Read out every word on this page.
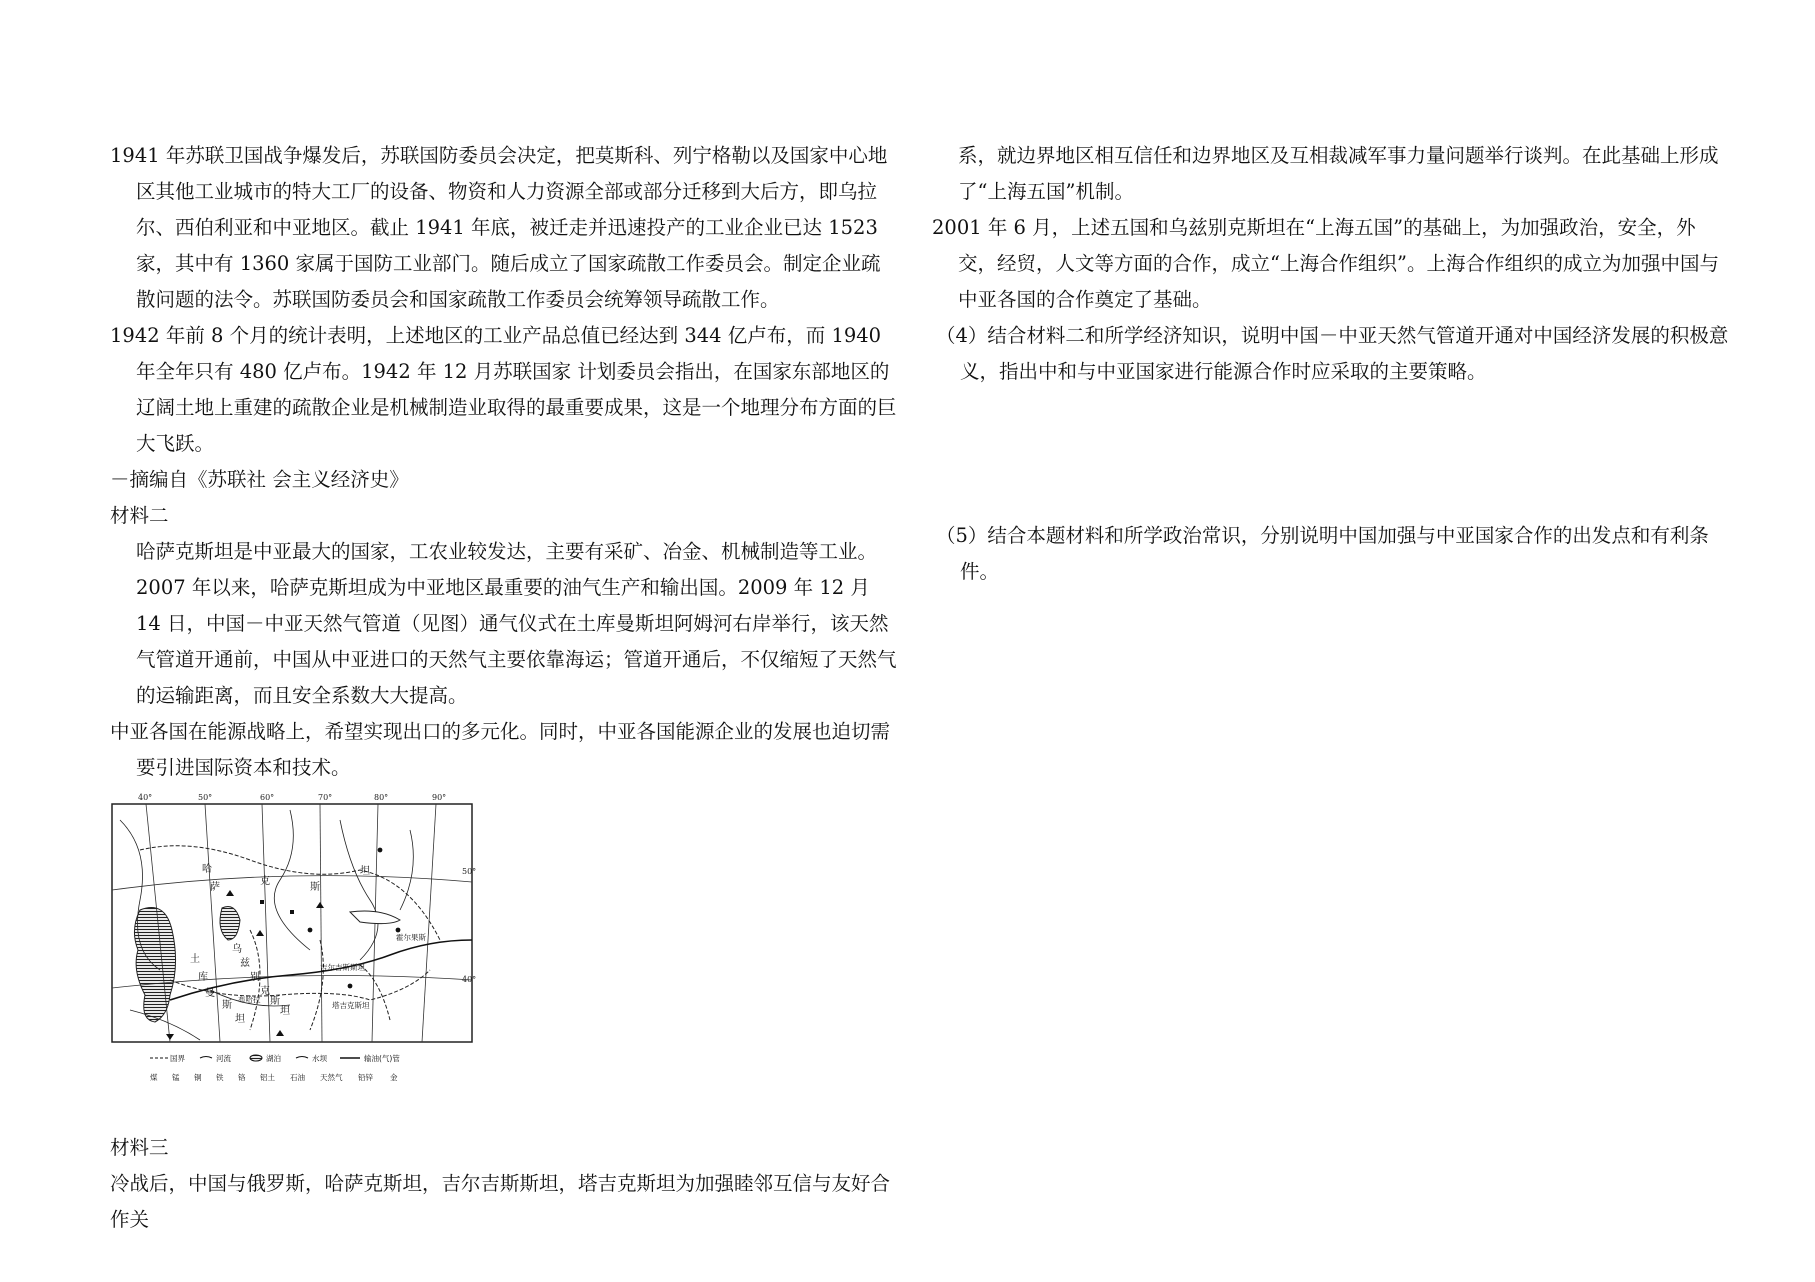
1941 年苏联卫国战争爆发后，苏联国防委员会决定，把莫斯科、列宁格勒以及国家中心地区其他工业城市的特大工厂的设备、物资和人力资源全部或部分迁移到大后方，即乌拉尔、西伯利亚和中亚地区。截止 1941 年底，被迁走并迅速投产的工业企业已达 1523 家，其中有 1360 家属于国防工业部门。随后成立了国家疏散工作委员会。制定企业疏散问题的法令。苏联国防委员会和国家疏散工作委员会统筹领导疏散工作。

1942 年前 8 个月的统计表明，上述地区的工业产品总值已经达到 344 亿卢布，而 1940 年全年只有 480 亿卢布。1942 年 12 月苏联国家 计划委员会指出，在国家东部地区的辽阔土地上重建的疏散企业是机械制造业取得的最重要成果，这是一个地理分布方面的巨大飞跃。

－摘编自《苏联社 会主义经济史》

材料二

哈萨克斯坦是中亚最大的国家，工农业较发达，主要有采矿、冶金、机械制造等工业。 2007 年以来，哈萨克斯坦成为中亚地区最重要的油气生产和输出国。2009 年 12 月 14 日，中国－中亚天然气管道（见图）通气仪式在土库曼斯坦阿姆河右岸举行，该天然气管道开通前，中国从中亚进口的天然气主要依靠海运；管道开通后，不仅缩短了天然气的运输距离，而且安全系数大大提高。

中亚各国在能源战略上，希望实现出口的多元化。同时，中亚各国能源企业的发展也迫切需要引进国际资本和技术。

40°	50°	60°	70°	80°	90°
50°
40°
哈
萨
克
斯
坦
土
库
曼
斯
坦
乌
兹
别
克
斯
坦
霍尔果斯
吉尔吉斯斯坦
塔吉克斯坦
布哈拉
国界	河流	湖泊	水坝	输油(气)管
煤 锰 铜 铁 铬 铝土 石油 天然气 铅锌 金

材料三

冷战后，中国与俄罗斯，哈萨克斯坦，吉尔吉斯斯坦，塔吉克斯坦为加强睦邻互信与友好合作关

系，就边界地区相互信任和边界地区及互相裁减军事力量问题举行谈判。在此基础上形成了“上海五国”机制。

2001 年 6 月，上述五国和乌兹别克斯坦在“上海五国”的基础上，为加强政治，安全，外交，经贸，人文等方面的合作，成立“上海合作组织”。上海合作组织的成立为加强中国与中亚各国的合作奠定了基础。

（4）结合材料二和所学经济知识，说明中国－中亚天然气管道开通对中国经济发展的积极意义，指出中和与中亚国家进行能源合作时应采取的主要策略。

（5）结合本题材料和所学政治常识，分别说明中国加强与中亚国家合作的出发点和有利条件。
